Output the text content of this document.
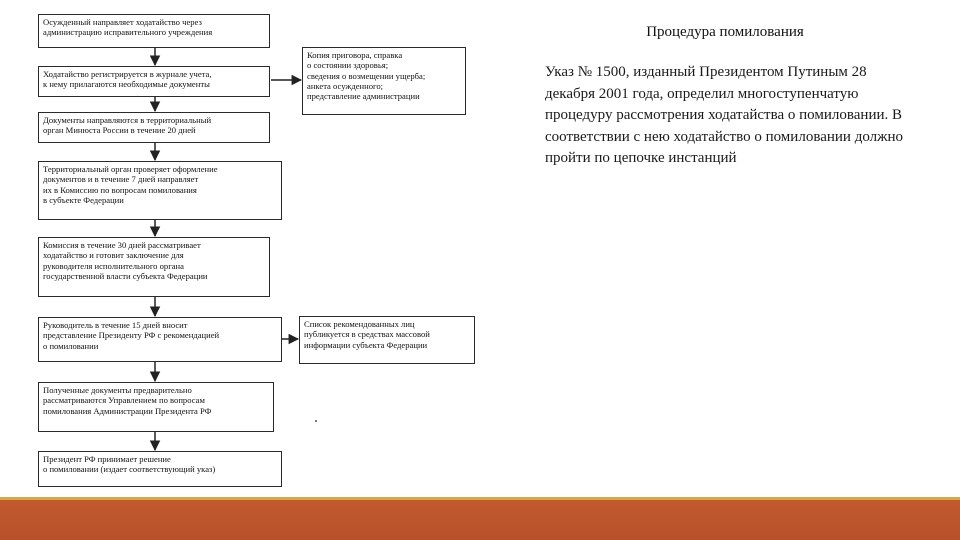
Осужденный направляет ходатайство через
администрацию исправительного учреждения
Ходатайство регистрируется в журнале учета,
к нему прилагаются необходимые документы
Документы направляются в территориальный
орган Минюста России в течение 20 дней
Территориальный орган проверяет оформление
документов и в течение 7 дней направляет
их в Комиссию по вопросам помилования
в субъекте Федерации
Комиссия в течение 30 дней рассматривает
ходатайство и готовит заключение для
руководителя исполнительного органа
государственной власти субъекта Федерации
Руководитель в течение 15 дней вносит
представление Президенту РФ с рекомендацией
о помиловании
Полученные документы предварительно
рассматриваются Управлением по вопросам
помилования Администрации Президента РФ
Президент РФ принимает решение
о помиловании (издает соответствующий указ)
Копия приговора, справка
о состоянии здоровья;
сведения о возмещении ущерба;
анкета осужденного;
представление администрации
Список рекомендованных лиц
публикуется в средствах массовой
информации субъекта Федерации
Процедура помилования
Указ № 1500, изданный Президентом Путиным 28 декабря 2001 года, определил многоступенчатую процедуру рассмотрения ходатайства о помиловании. В соответствии с нею ходатайство о помиловании должно пройти по цепочке инстанций
